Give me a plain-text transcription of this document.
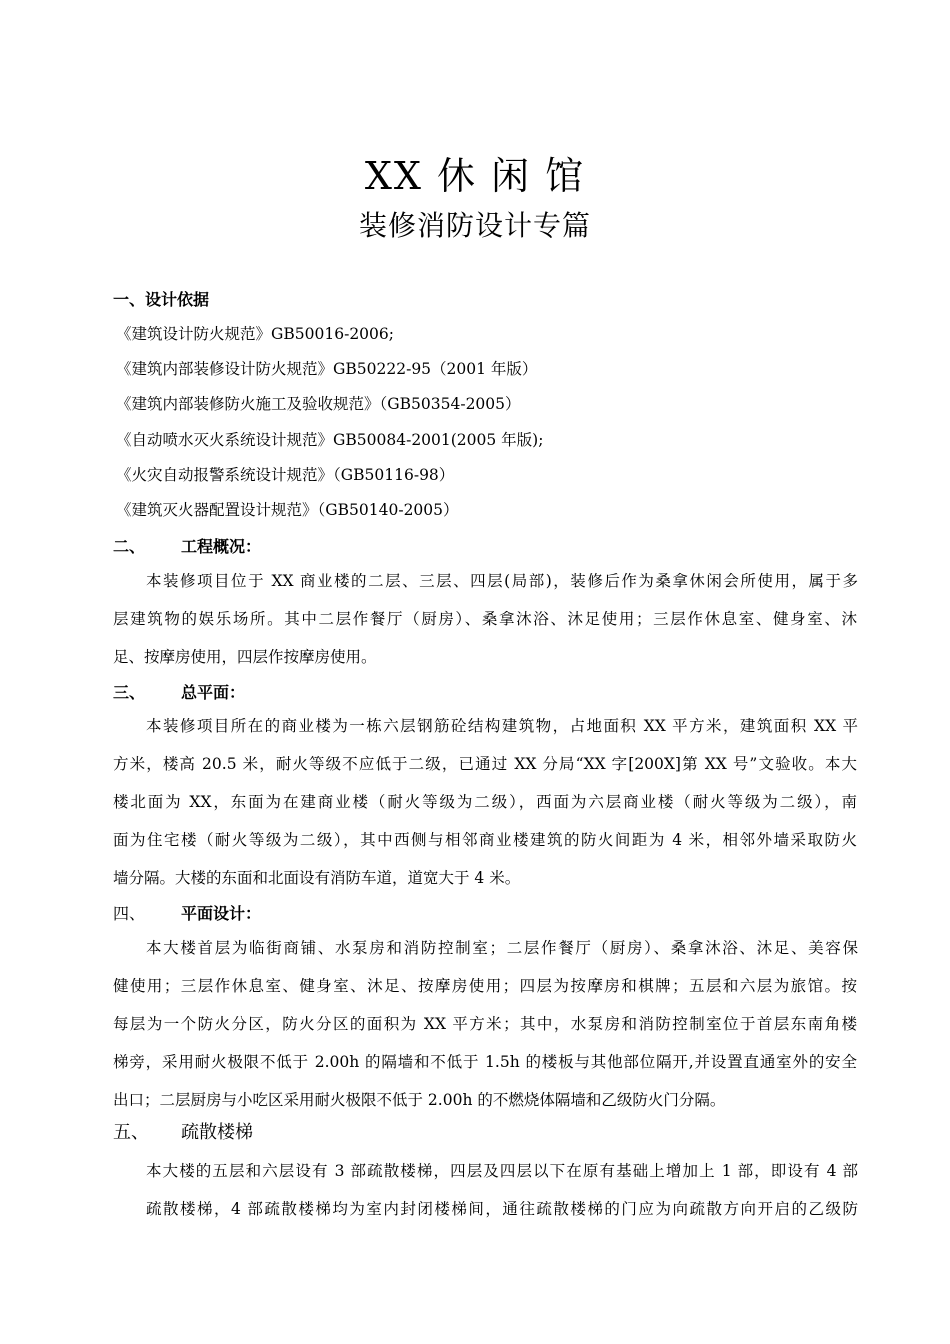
XX 休 闲 馆
装修消防设计专篇
一、设计依据
《建筑设计防火规范》GB50016-2006;
《建筑内部装修设计防火规范》GB50222-95（2001 年版）
《建筑内部装修防火施工及验收规范》（GB50354-2005）
《自动喷水灭火系统设计规范》GB50084-2001(2005 年版);
《火灾自动报警系统设计规范》（GB50116-98）
《建筑灭火器配置设计规范》（GB50140-2005）
二、 工程概况：
本装修项目位于 XX 商业楼的二层、三层、四层(局部)，装修后作为桑拿休闲会所使用，属于多
层建筑物的娱乐场所。其中二层作餐厅（厨房）、桑拿沐浴、沐足使用；三层作休息室、健身室、沐
足、按摩房使用，四层作按摩房使用。
三、 总平面：
本装修项目所在的商业楼为一栋六层钢筋砼结构建筑物，占地面积 XX 平方米，建筑面积 XX 平
方米，楼高 20.5 米，耐火等级不应低于二级，已通过 XX 分局“XX 字[200X]第 XX 号”文验收。本大
楼北面为 XX，东面为在建商业楼（耐火等级为二级），西面为六层商业楼（耐火等级为二级），南
面为住宅楼（耐火等级为二级），其中西侧与相邻商业楼建筑的防火间距为 4 米，相邻外墙采取防火
墙分隔。大楼的东面和北面设有消防车道，道宽大于 4 米。
四、 平面设计：
本大楼首层为临街商铺、水泵房和消防控制室；二层作餐厅（厨房）、桑拿沐浴、沐足、美容保
健使用；三层作休息室、健身室、沐足、按摩房使用；四层为按摩房和棋牌；五层和六层为旅馆。按
每层为一个防火分区，防火分区的面积为 XX 平方米；其中，水泵房和消防控制室位于首层东南角楼
梯旁，采用耐火极限不低于 2.00h 的隔墙和不低于 1.5h 的楼板与其他部位隔开,并设置直通室外的安全
出口；二层厨房与小吃区采用耐火极限不低于 2.00h 的不燃烧体隔墙和乙级防火门分隔。
五、 疏散楼梯
本大楼的五层和六层设有 3 部疏散楼梯，四层及四层以下在原有基础上增加上 1 部，即设有 4 部
疏散楼梯，4 部疏散楼梯均为室内封闭楼梯间，通往疏散楼梯的门应为向疏散方向开启的乙级防
